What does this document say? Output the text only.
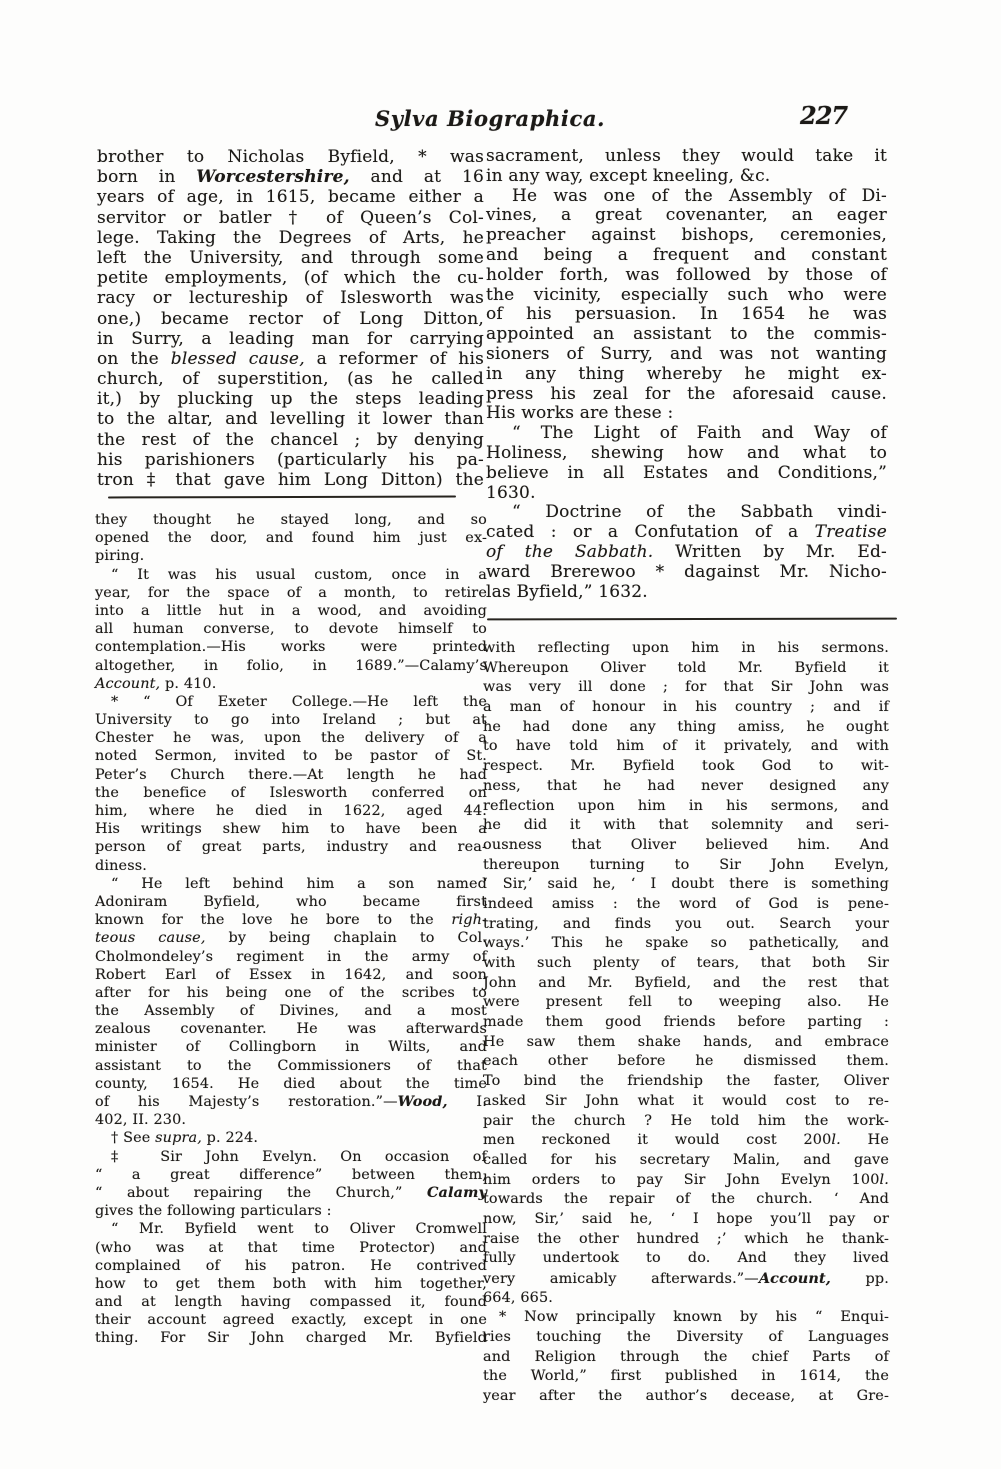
Sylva Biographica.	227
brother to Nicholas Byfield, * was
born in Worcestershire, and at 16
years of age, in 1615, became either a
servitor or batler † of Queen’s Col-
lege. Taking the Degrees of Arts, he
left the University, and through some
petite employments, (of which the cu-
racy or lectureship of Islesworth was
one,) became rector of Long Ditton,
in Surry, a leading man for carrying
on the blessed cause, a reformer of his
church, of superstition, (as he called
it,) by plucking up the steps leading
to the altar, and levelling it lower than
the rest of the chancel ; by denying
his parishioners (particularly his pa-
tron ‡ that gave him Long Ditton) the
they thought he stayed long, and so
opened the door, and found him just ex-
piring.
“ It was his usual custom, once in a
year, for the space of a month, to retire
into a little hut in a wood, and avoiding
all human converse, to devote himself to
contemplation.—His works were printed
altogether, in folio, in 1689.”—Calamy’s
Account, p. 410.
* “ Of Exeter College.—He left the
University to go into Ireland ; but at
Chester he was, upon the delivery of a
noted Sermon, invited to be pastor of St.
Peter’s Church there.—At length he had
the benefice of Islesworth conferred on
him, where he died in 1622, aged 44.
His writings shew him to have been a
person of great parts, industry and rea-
diness.
“ He left behind him a son named
Adoniram Byfield, who became first
known for the love he bore to the righ-
teous cause, by being chaplain to Col.
Cholmondeley’s regiment in the army of
Robert Earl of Essex in 1642, and soon
after for his being one of the scribes to
the Assembly of Divines, and a most
zealous covenanter. He was afterwards
minister of Collingborn in Wilts, and
assistant to the Commissioners of that
county, 1654. He died about the time
of his Majesty’s restoration.”—Wood, I.
402, II. 230.
† See supra, p. 224.
‡ Sir John Evelyn. On occasion of
“ a great difference” between them,
“ about repairing the Church,” Calamy
gives the following particulars :
“ Mr. Byfield went to Oliver Cromwell
(who was at that time Protector) and
complained of his patron. He contrived
how to get them both with him together,
and at length having compassed it, found
their account agreed exactly, except in one
thing. For Sir John charged Mr. Byfield
sacrament, unless they would take it
in any way, except kneeling, &c.
He was one of the Assembly of Di-
vines, a great covenanter, an eager
preacher against bishops, ceremonies,
and being a frequent and constant
holder forth, was followed by those of
the vicinity, especially such who were
of his persuasion. In 1654 he was
appointed an assistant to the commis-
sioners of Surry, and was not wanting
in any thing whereby he might ex-
press his zeal for the aforesaid cause.
His works are these :
“ The Light of Faith and Way of
Holiness, shewing how and what to
believe in all Estates and Conditions,”
1630.
“ Doctrine of the Sabbath vindi-
cated : or a Confutation of a Treatise
of the Sabbath. Written by Mr. Ed-
ward Brerewoo * dagainst Mr. Nicho-
las Byfield,” 1632.
with reflecting upon him in his sermons.
Whereupon Oliver told Mr. Byfield it
was very ill done ; for that Sir John was
a man of honour in his country ; and if
he had done any thing amiss, he ought
to have told him of it privately, and with
respect. Mr. Byfield took God to wit-
ness, that he had never designed any
reflection upon him in his sermons, and
he did it with that solemnity and seri-
ousness that Oliver believed him. And
thereupon turning to Sir John Evelyn,
‘ Sir,’ said he, ‘ I doubt there is something
indeed amiss : the word of God is pene-
trating, and finds you out. Search your
ways.’ This he spake so pathetically, and
with such plenty of tears, that both Sir
John and Mr. Byfield, and the rest that
were present fell to weeping also. He
made them good friends before parting :
He saw them shake hands, and embrace
each other before he dismissed them.
To bind the friendship the faster, Oliver
asked Sir John what it would cost to re-
pair the church ? He told him the work-
men reckoned it would cost 200l. He
called for his secretary Malin, and gave
him orders to pay Sir John Evelyn 100l.
towards the repair of the church. ‘ And
now, Sir,’ said he, ‘ I hope you’ll pay or
raise the other hundred ;’ which he thank-
fully undertook to do. And they lived
very amicably afterwards.”—Account, pp.
664, 665.
* Now principally known by his “ Enqui-
ries touching the Diversity of Languages
and Religion through the chief Parts of
the World,” first published in 1614, the
year after the author’s decease, at Gre-
